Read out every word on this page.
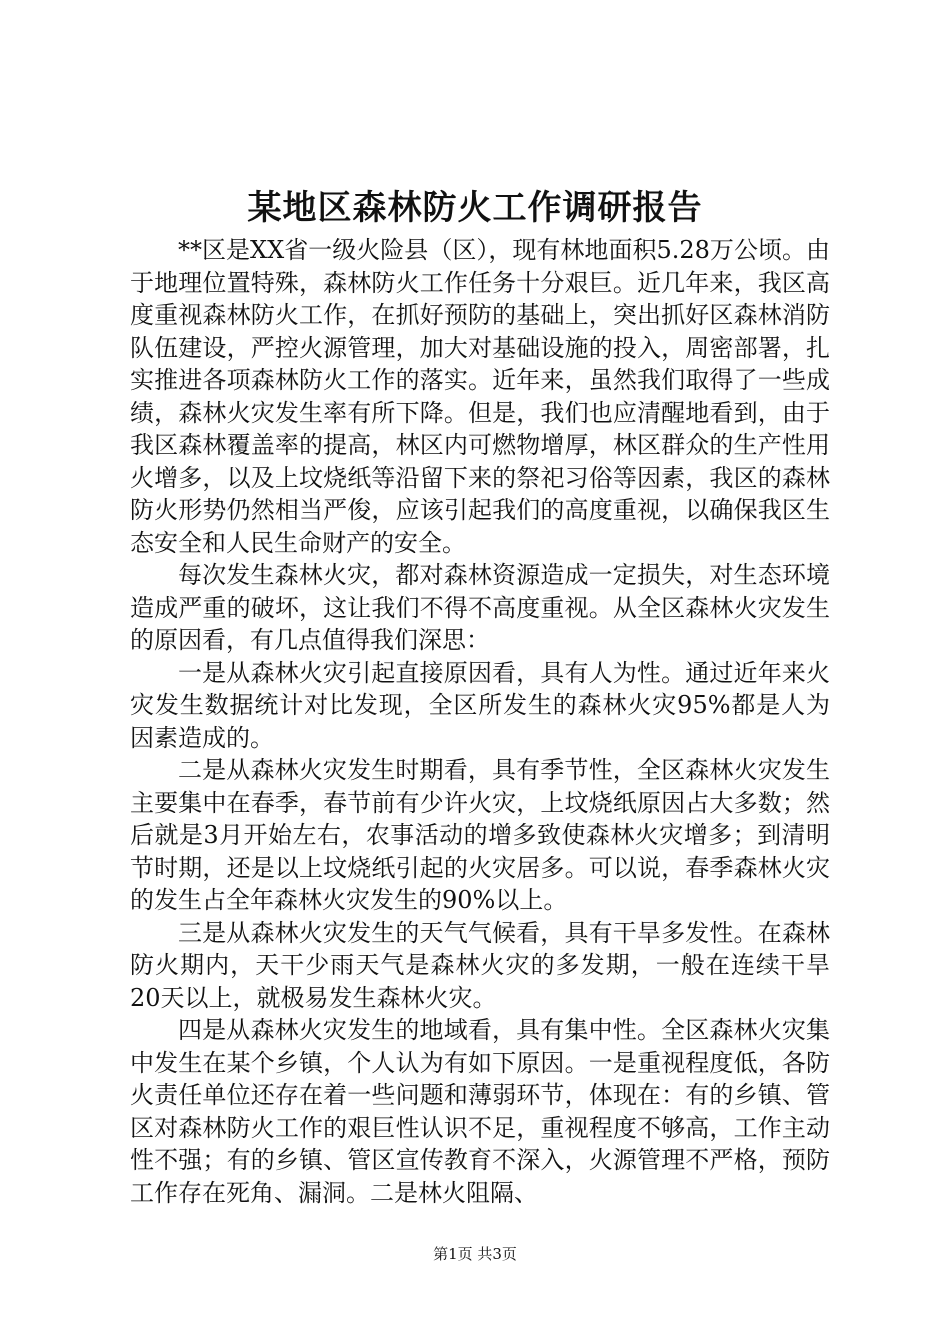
某地区森林防火工作调研报告

**区是XX省一级火险县（区），现有林地面积5.28万公顷。由于地理位置特殊，森林防火工作任务十分艰巨。近几年来，我区高度重视森林防火工作，在抓好预防的基础上，突出抓好区森林消防队伍建设，严控火源管理，加大对基础设施的投入，周密部署，扎实推进各项森林防火工作的落实。近年来，虽然我们取得了一些成绩，森林火灾发生率有所下降。但是，我们也应清醒地看到，由于我区森林覆盖率的提高，林区内可燃物增厚，林区群众的生产性用火增多，以及上坟烧纸等沿留下来的祭祀习俗等因素，我区的森林防火形势仍然相当严俊，应该引起我们的高度重视，以确保我区生态安全和人民生命财产的安全。

每次发生森林火灾，都对森林资源造成一定损失，对生态环境造成严重的破坏，这让我们不得不高度重视。从全区森林火灾发生的原因看，有几点值得我们深思：

一是从森林火灾引起直接原因看，具有人为性。通过近年来火灾发生数据统计对比发现，全区所发生的森林火灾95%都是人为因素造成的。

二是从森林火灾发生时期看，具有季节性，全区森林火灾发生主要集中在春季，春节前有少许火灾，上坟烧纸原因占大多数；然后就是3月开始左右，农事活动的增多致使森林火灾增多；到清明节时期，还是以上坟烧纸引起的火灾居多。可以说，春季森林火灾的发生占全年森林火灾发生的90%以上。

三是从森林火灾发生的天气气候看，具有干旱多发性。在森林防火期内，天干少雨天气是森林火灾的多发期，一般在连续干旱20天以上，就极易发生森林火灾。

四是从森林火灾发生的地域看，具有集中性。全区森林火灾集中发生在某个乡镇，个人认为有如下原因。一是重视程度低，各防火责任单位还存在着一些问题和薄弱环节，体现在：有的乡镇、管区对森林防火工作的艰巨性认识不足，重视程度不够高，工作主动性不强；有的乡镇、管区宣传教育不深入，火源管理不严格，预防工作存在死角、漏洞。二是林火阻隔、

第1页 共3页
